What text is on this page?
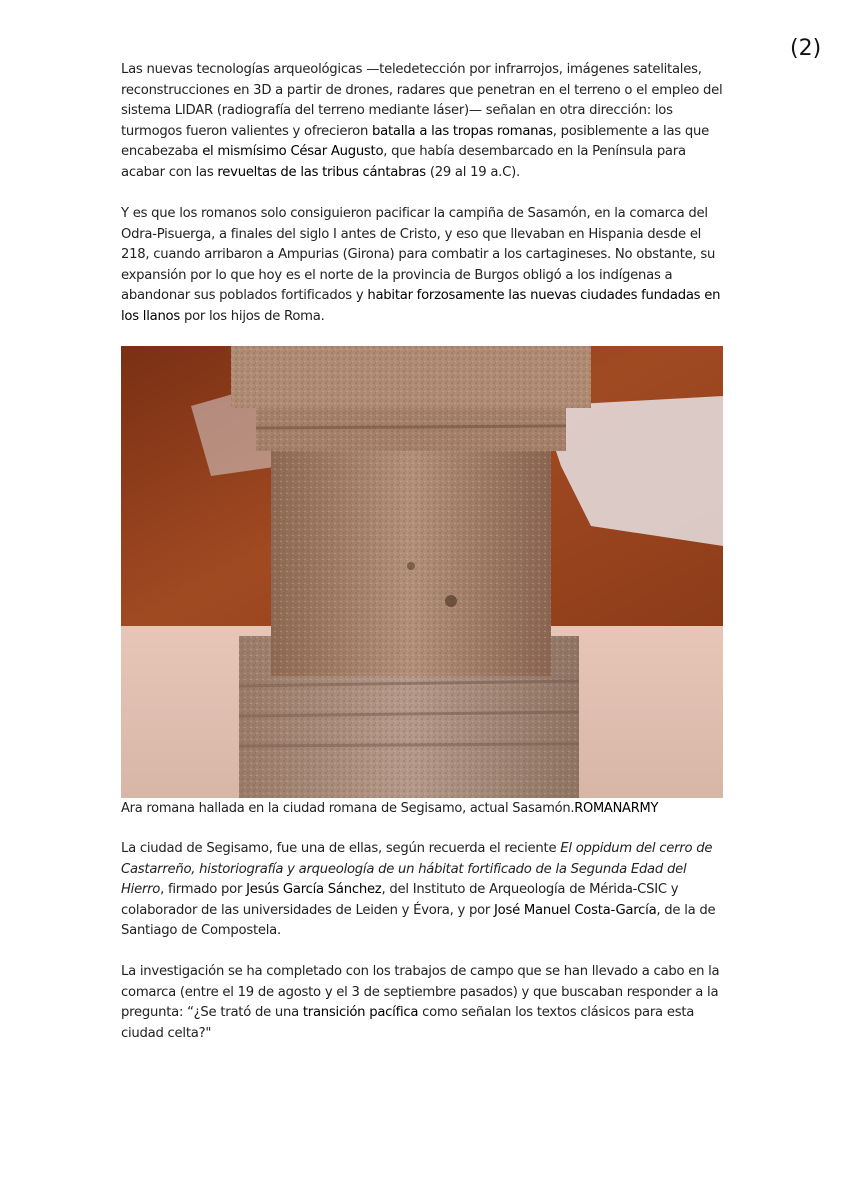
(2)

Las nuevas tecnologías arqueológicas —teledetección por infrarrojos, imágenes satelitales, reconstrucciones en 3D a partir de drones, radares que penetran en el terreno o el empleo del sistema LIDAR (radiografía del terreno mediante láser)— señalan en otra dirección: los turmogos fueron valientes y ofrecieron batalla a las tropas romanas, posiblemente a las que encabezaba el mismísimo César Augusto, que había desembarcado en la Península para acabar con las revueltas de las tribus cántabras (29 al 19 a.C).

Y es que los romanos solo consiguieron pacificar la campiña de Sasamón, en la comarca del Odra-Pisuerga, a finales del siglo I antes de Cristo, y eso que llevaban en Hispania desde el 218, cuando arribaron a Ampurias (Girona) para combatir a los cartagineses. No obstante, su expansión por lo que hoy es el norte de la provincia de Burgos obligó a los indígenas a abandonar sus poblados fortificados y habitar forzosamente las nuevas ciudades fundadas en los llanos por los hijos de Roma.

Ara romana hallada en la ciudad romana de Segisamo, actual Sasamón.ROMANARMY

La ciudad de Segisamo, fue una de ellas, según recuerda el reciente El oppidum del cerro de Castarreño, historiografía y arqueología de un hábitat fortificado de la Segunda Edad del Hierro, firmado por Jesús García Sánchez, del Instituto de Arqueología de Mérida-CSIC y colaborador de las universidades de Leiden y Évora, y por José Manuel Costa-García, de la de Santiago de Compostela.

La investigación se ha completado con los trabajos de campo que se han llevado a cabo en la comarca (entre el 19 de agosto y el 3 de septiembre pasados) y que buscaban responder a la pregunta: “¿Se trató de una transición pacífica como señalan los textos clásicos para esta ciudad celta?"
